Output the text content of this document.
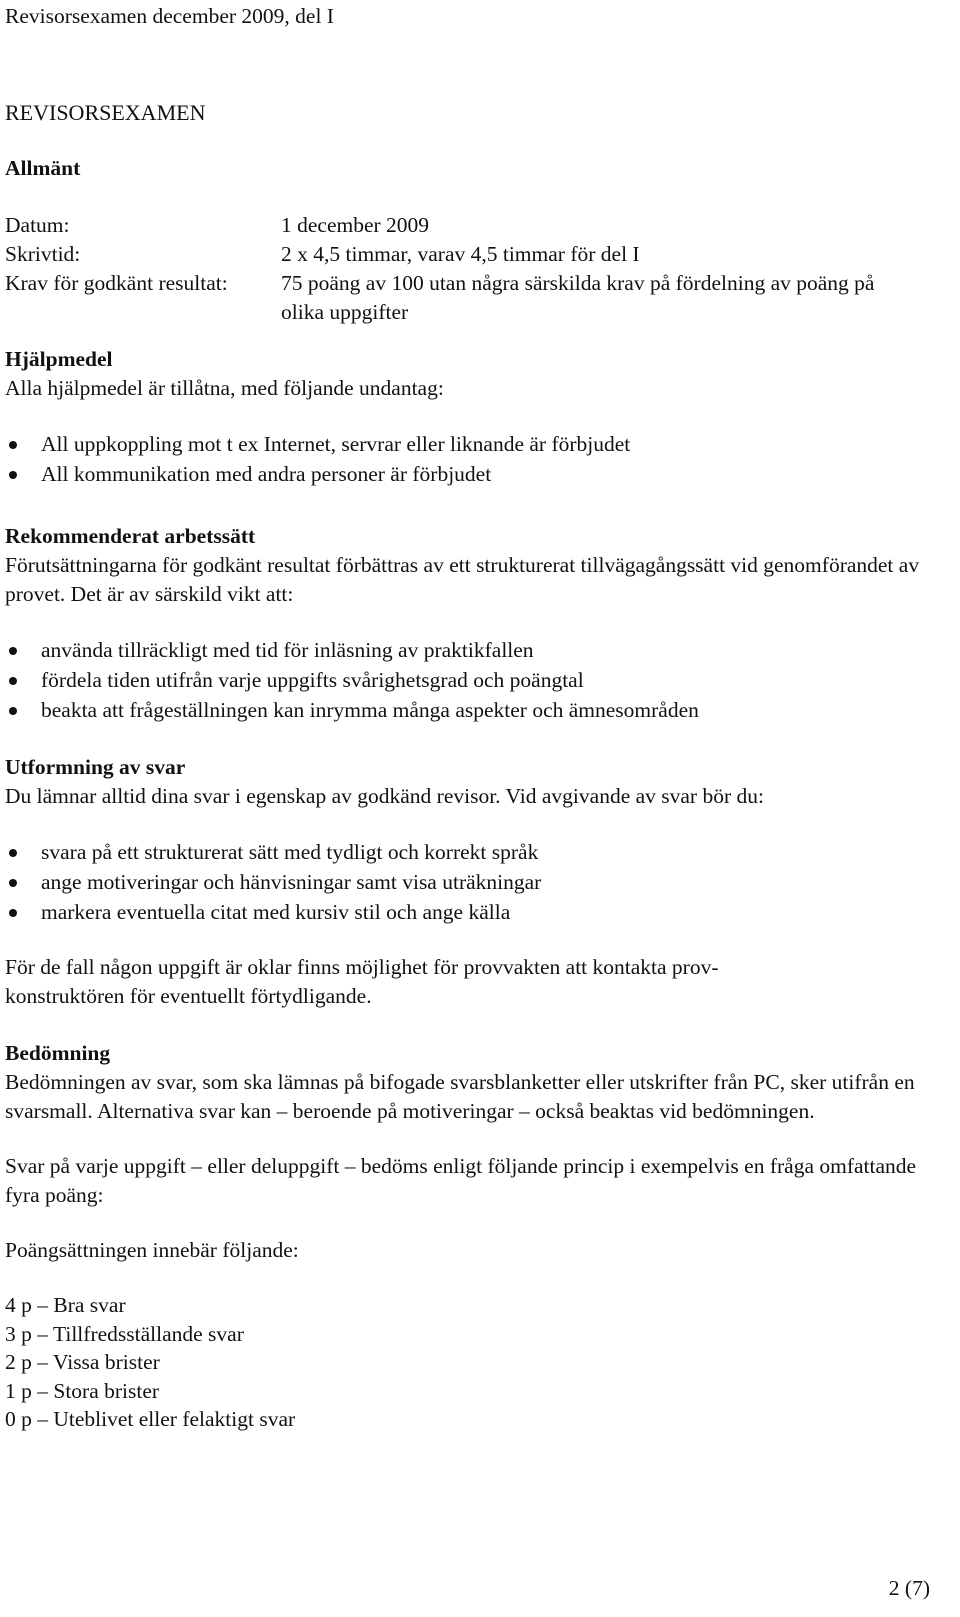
Revisorsexamen december 2009, del I
REVISORSEXAMEN
Allmänt
Datum:	1 december 2009
Skrivtid:	2 x 4,5 timmar, varav 4,5 timmar för del I
Krav för godkänt resultat:	75 poäng av 100 utan några särskilda krav på fördelning av poäng på olika uppgifter
Hjälpmedel

Alla hjälpmedel är tillåtna, med följande undantag:

All uppkoppling mot t ex Internet, servrar eller liknande är förbjudet
All kommunikation med andra personer är förbjudet
Rekommenderat arbetssätt

Förutsättningarna för godkänt resultat förbättras av ett strukturerat tillvägagångssätt vid genomförandet av provet. Det är av särskild vikt att:

använda tillräckligt med tid för inläsning av praktikfallen
fördela tiden utifrån varje uppgifts svårighetsgrad och poängtal
beakta att frågeställningen kan inrymma många aspekter och ämnesområden
Utformning av svar

Du lämnar alltid dina svar i egenskap av godkänd revisor. Vid avgivande av svar bör du:

svara på ett strukturerat sätt med tydligt och korrekt språk
ange motiveringar och hänvisningar samt visa uträkningar
markera eventuella citat med kursiv stil och ange källa

För de fall någon uppgift är oklar finns möjlighet för provvakten att kontakta prov-konstruktören för eventuellt förtydligande.

Bedömning

Bedömningen av svar, som ska lämnas på bifogade svarsblanketter eller utskrifter från PC, sker utifrån en svarsmall. Alternativa svar kan – beroende på motiveringar – också beaktas vid bedömningen.

Svar på varje uppgift – eller deluppgift – bedöms enligt följande princip i exempelvis en fråga omfattande fyra poäng:

Poängsättningen innebär följande:

4 p – Bra svar
3 p – Tillfredsställande svar
2 p – Vissa brister
1 p – Stora brister
0 p – Uteblivet eller felaktigt svar
2 (7)
